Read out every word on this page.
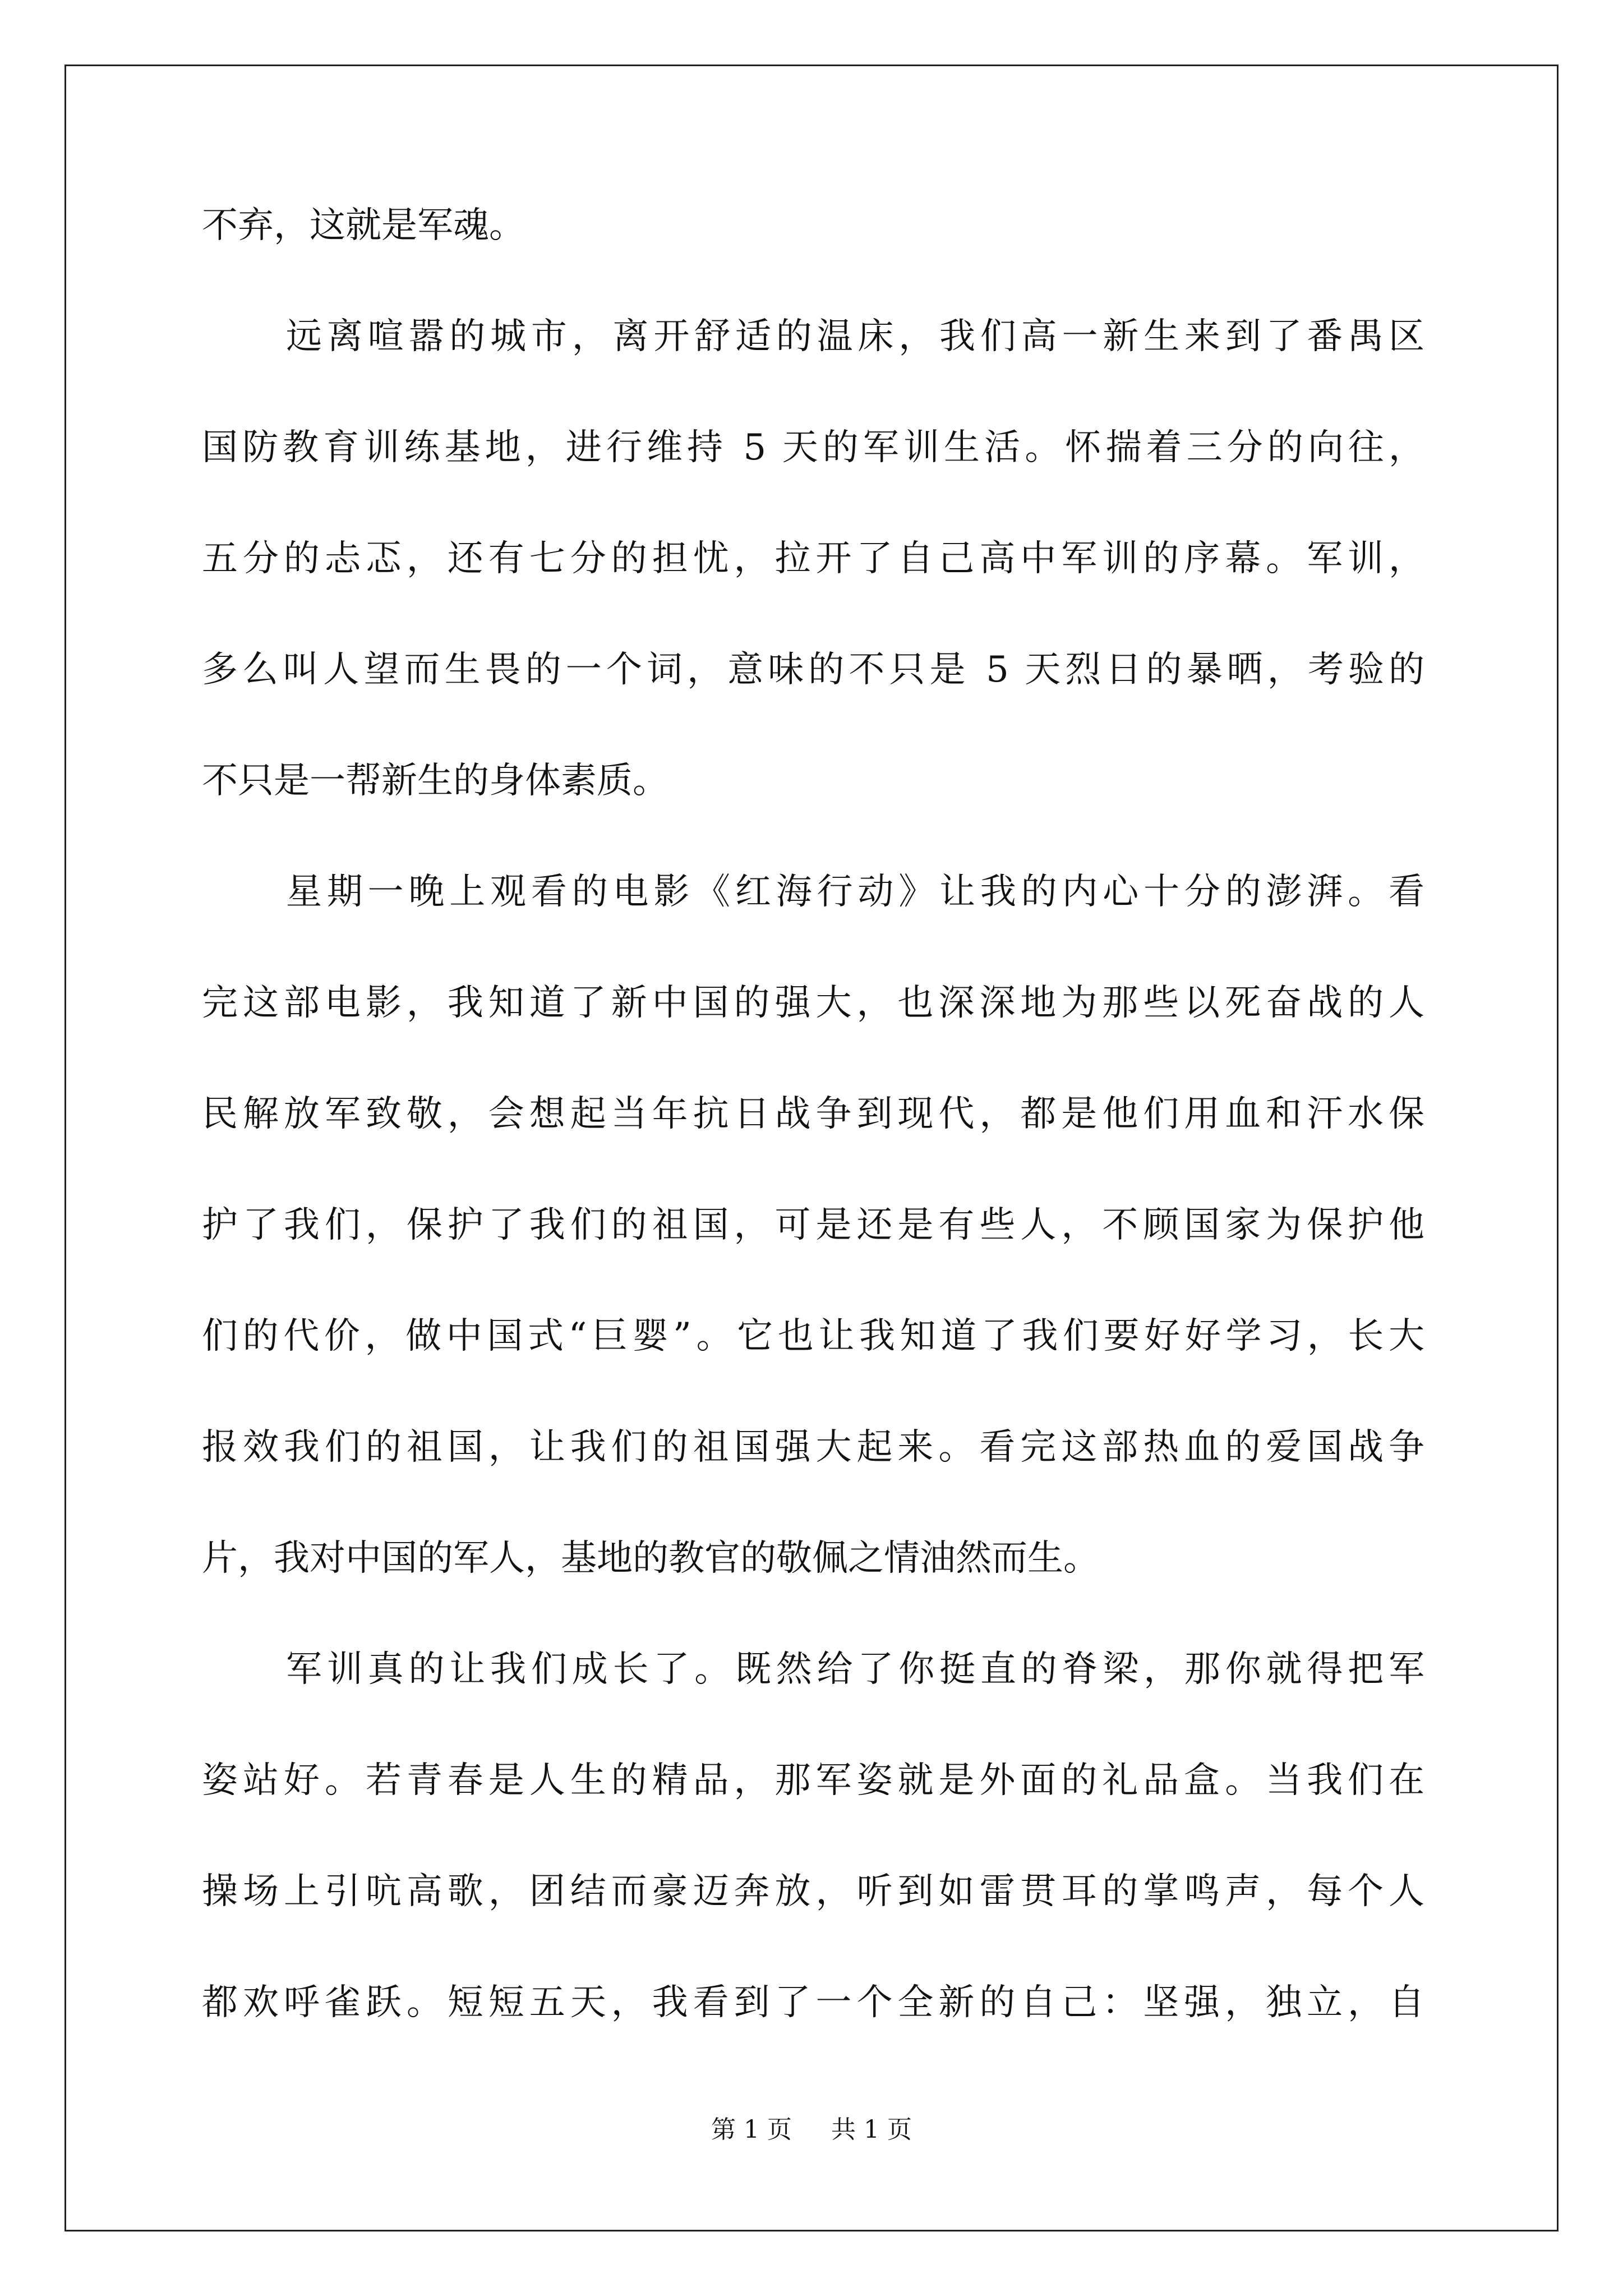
不弃，这就是军魂。
远离喧嚣的城市，离开舒适的温床，我们高一新生来到了番禺区
国防教育训练基地，进行维持 5 天的军训生活。怀揣着三分的向往，
五分的忐忑，还有七分的担忧，拉开了自己高中军训的序幕。军训，
多么叫人望而生畏的一个词，意味的不只是 5 天烈日的暴晒，考验的
不只是一帮新生的身体素质。
星期一晚上观看的电影《红海行动》让我的内心十分的澎湃。看
完这部电影，我知道了新中国的强大，也深深地为那些以死奋战的人
民解放军致敬，会想起当年抗日战争到现代，都是他们用血和汗水保
护了我们，保护了我们的祖国，可是还是有些人，不顾国家为保护他
们的代价，做中国式“巨婴”。它也让我知道了我们要好好学习，长大
报效我们的祖国，让我们的祖国强大起来。看完这部热血的爱国战争
片，我对中国的军人，基地的教官的敬佩之情油然而生。
军训真的让我们成长了。既然给了你挺直的脊梁，那你就得把军
姿站好。若青春是人生的精品，那军姿就是外面的礼品盒。当我们在
操场上引吭高歌，团结而豪迈奔放，听到如雷贯耳的掌鸣声，每个人
都欢呼雀跃。短短五天，我看到了一个全新的自己：坚强，独立，自
第 1 页 共 1 页
